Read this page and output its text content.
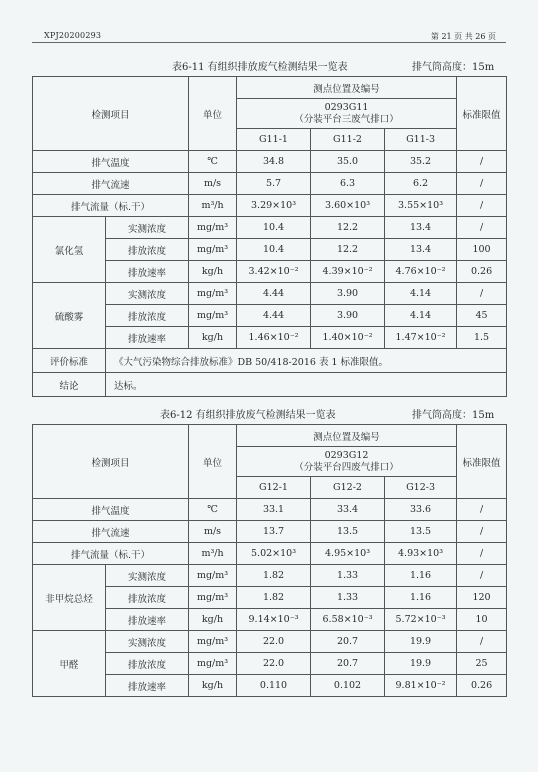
XPJ20200293	第 21 页 共 26 页
表6-11 有组织排放废气检测结果一览表	排气筒高度：15m
检测项目		单位	测点位置及编号			标准限值

			0293G11
（分装平台三废气排口）			

			G11-1	G11-2	G11-3	
排气温度		℃	34.8	35.0	35.2	/
排气流速		m/s	5.7	6.3	6.2	/
排气流量（标.干）		m³/h	3.29×10³	3.60×10³	3.55×10³	/
氯化氢	实测浓度	mg/m³	10.4	12.2	13.4	/
	排放浓度	mg/m³	10.4	12.2	13.4	100
	排放速率	kg/h	3.42×10⁻²	4.39×10⁻²	4.76×10⁻²	0.26
硫酸雾	实测浓度	mg/m³	4.44	3.90	4.14	/
	排放浓度	mg/m³	4.44	3.90	4.14	45
	排放速率	kg/h	1.46×10⁻²	1.40×10⁻²	1.47×10⁻²	1.5
评价标准	《大气污染物综合排放标准》DB 50/418-2016 表 1 标准限值。					
结论	达标。					
表6-12 有组织排放废气检测结果一览表	排气筒高度：15m
检测项目		单位	测点位置及编号			标准限值

			0293G12
（分装平台四废气排口）			

			G12-1	G12-2	G12-3	
排气温度		℃	33.1	33.4	33.6	/
排气流速		m/s	13.7	13.5	13.5	/
排气流量（标.干）		m³/h	5.02×10³	4.95×10³	4.93×10³	/
非甲烷总烃	实测浓度	mg/m³	1.82	1.33	1.16	/
	排放浓度	mg/m³	1.82	1.33	1.16	120
	排放速率	kg/h	9.14×10⁻³	6.58×10⁻³	5.72×10⁻³	10
甲醛	实测浓度	mg/m³	22.0	20.7	19.9	/
	排放浓度	mg/m³	22.0	20.7	19.9	25
	排放速率	kg/h	0.110	0.102	9.81×10⁻²	0.26
